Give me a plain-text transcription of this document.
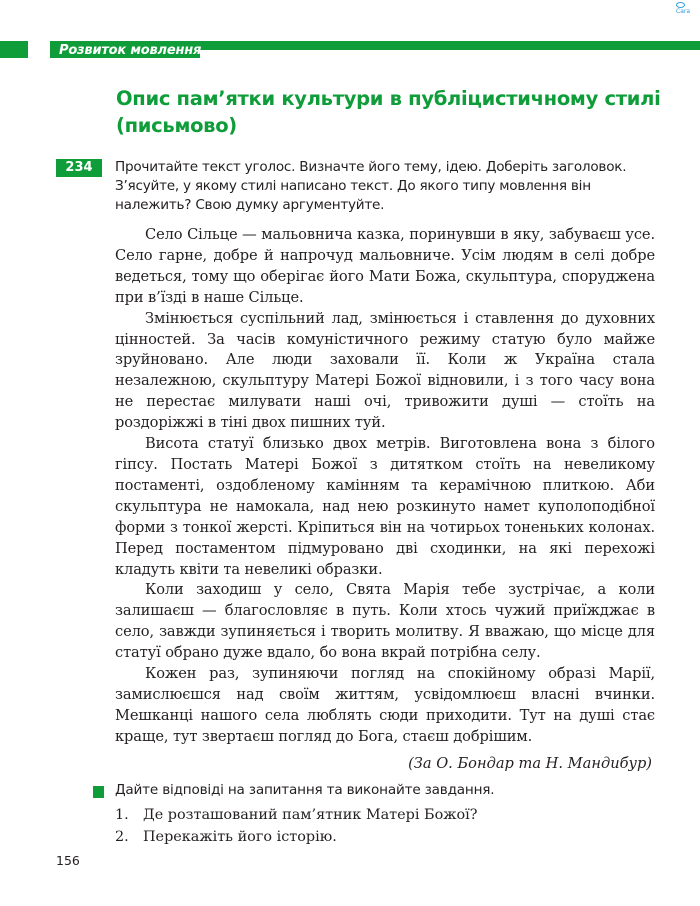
Cara
Розвиток мовлення
Опис пам’ятки культури в публіцистичному стилі (письмово)
234	Прочитайте текст уголос. Визначте його тему, ідею. Доберіть заголовок. З’ясуйте, у якому стилі написано текст. До якого типу мовлення він належить? Свою думку аргументуйте.

Село Сільце — мальовнича казка, поринувши в яку, забуваєш усе. Село гарне, добре й напрочуд мальовниче. Усім людям в селі добре ведеться, тому що оберігає його Мати Божа, скульптура, споруджена при в’їзді в наше Сільце.

Змінюється суспільний лад, змінюється і ставлення до духовних цінностей. За часів комуністичного режиму статую було майже зруйновано. Але люди заховали її. Коли ж Україна стала незалежною, скульптуру Матері Божої відновили, і з того часу вона не перестає милувати наші очі, тривожити душі — стоїть на роздоріжжі в тіні двох пишних туй.

Висота статуї близько двох метрів. Виготовлена вона з білого гіпсу. Постать Матері Божої з дитятком стоїть на невеликому постаменті, оздобленому камінням та керамічною плиткою. Аби скульптура не намокала, над нею розкинуто намет куполоподібної форми з тонкої жерсті. Кріпиться він на чотирьох тоненьких колонах. Перед постаментом підмуровано дві сходинки, на які перехожі кладуть квіти та невеликі образки.

Коли заходиш у село, Свята Марія тебе зустрічає, а коли залишаєш — благословляє в путь. Коли хтось чужий приїжджає в село, завжди зупиняється і творить молитву. Я вважаю, що місце для статуї обрано дуже вдало, бо вона вкрай потрібна селу.

Кожен раз, зупиняючи погляд на спокійному образі Марії, замислюєшся над своїм життям, усвідомлюєш власні вчинки. Мешканці нашого села люблять сюди приходити. Тут на душі стає краще, тут звертаєш погляд до Бога, стаєш добрішим.

(За О. Бондар та Н. Мандибур)

Дайте відповіді на запитання та виконайте завдання.

1. Де розташований пам’ятник Матері Божої?
2. Перекажіть його історію.
156
